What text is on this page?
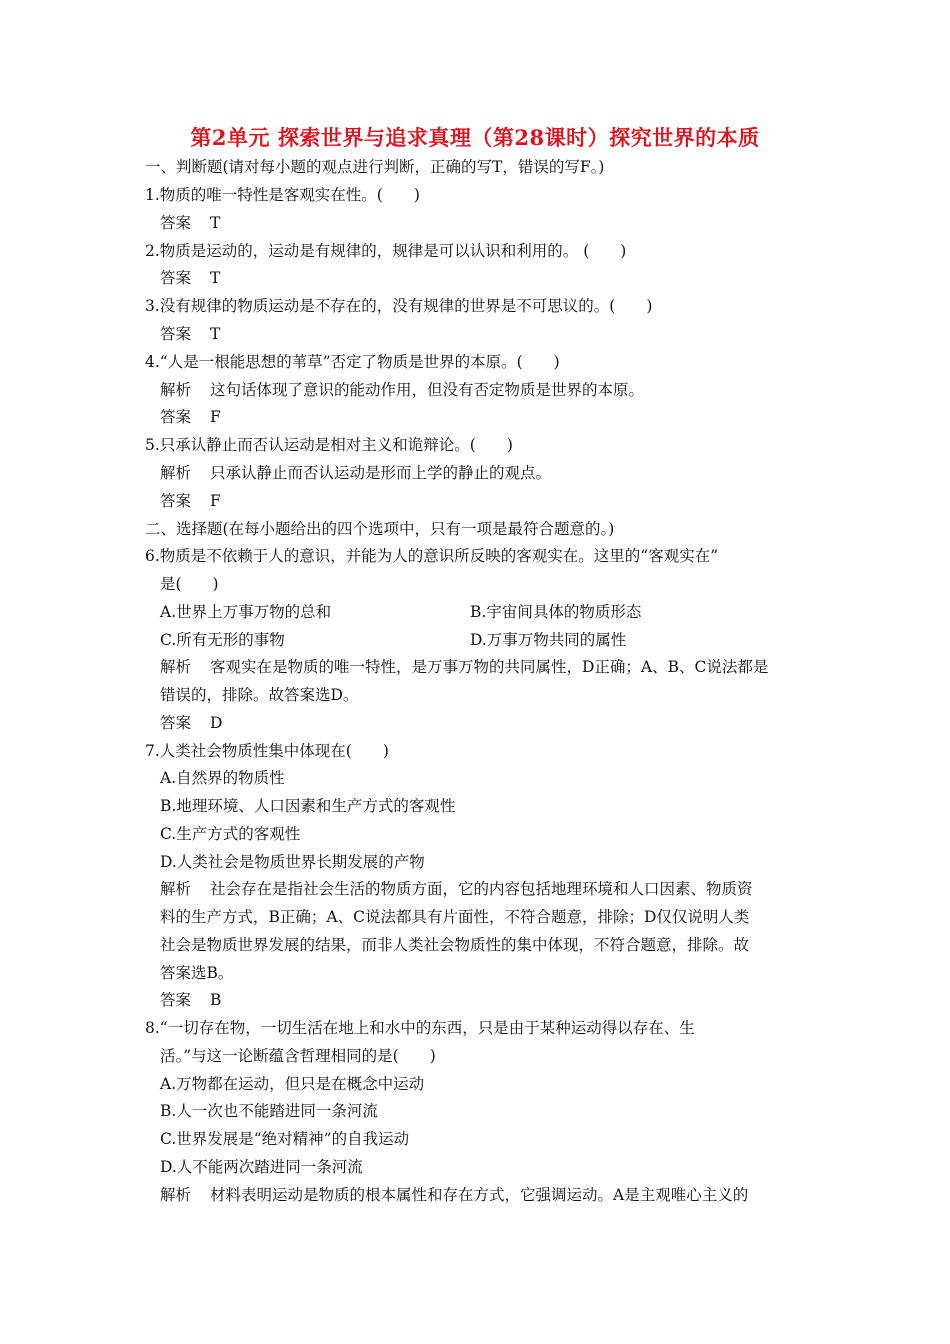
第2单元 探索世界与追求真理（第28课时）探究世界的本质
一、判断题(请对每小题的观点进行判断，正确的写T，错误的写F。)
1.物质的唯一特性是客观实在性。(　　)
答案 T
2.物质是运动的，运动是有规律的，规律是可以认识和利用的。 (　　)
答案 T
3.没有规律的物质运动是不存在的，没有规律的世界是不可思议的。(　　)
答案 T
4.“人是一根能思想的苇草”否定了物质是世界的本原。(　　)
解析 这句话体现了意识的能动作用，但没有否定物质是世界的本原。
答案 F
5.只承认静止而否认运动是相对主义和诡辩论。(　　)
解析 只承认静止而否认运动是形而上学的静止的观点。
答案 F
二、选择题(在每小题给出的四个选项中，只有一项是最符合题意的。)
6.物质是不依赖于人的意识，并能为人的意识所反映的客观实在。这里的“客观实在”
是(　　)
A.世界上万事万物的总和	B.宇宙间具体的物质形态
C.所有无形的事物	D.万事万物共同的属性
解析 客观实在是物质的唯一特性，是万事万物的共同属性，D正确；A、B、C说法都是
错误的，排除。故答案选D。
答案 D
7.人类社会物质性集中体现在(　　)
A.自然界的物质性
B.地理环境、人口因素和生产方式的客观性
C.生产方式的客观性
D.人类社会是物质世界长期发展的产物
解析 社会存在是指社会生活的物质方面，它的内容包括地理环境和人口因素、物质资
料的生产方式，B正确；A、C说法都具有片面性，不符合题意，排除；D仅仅说明人类
社会是物质世界发展的结果，而非人类社会物质性的集中体现，不符合题意，排除。故
答案选B。
答案 B
8.“一切存在物，一切生活在地上和水中的东西，只是由于某种运动得以存在、生
活。”与这一论断蕴含哲理相同的是(　　)
A.万物都在运动，但只是在概念中运动
B.人一次也不能踏进同一条河流
C.世界发展是“绝对精神”的自我运动
D.人不能两次踏进同一条河流
解析 材料表明运动是物质的根本属性和存在方式，它强调运动。A是主观唯心主义的
